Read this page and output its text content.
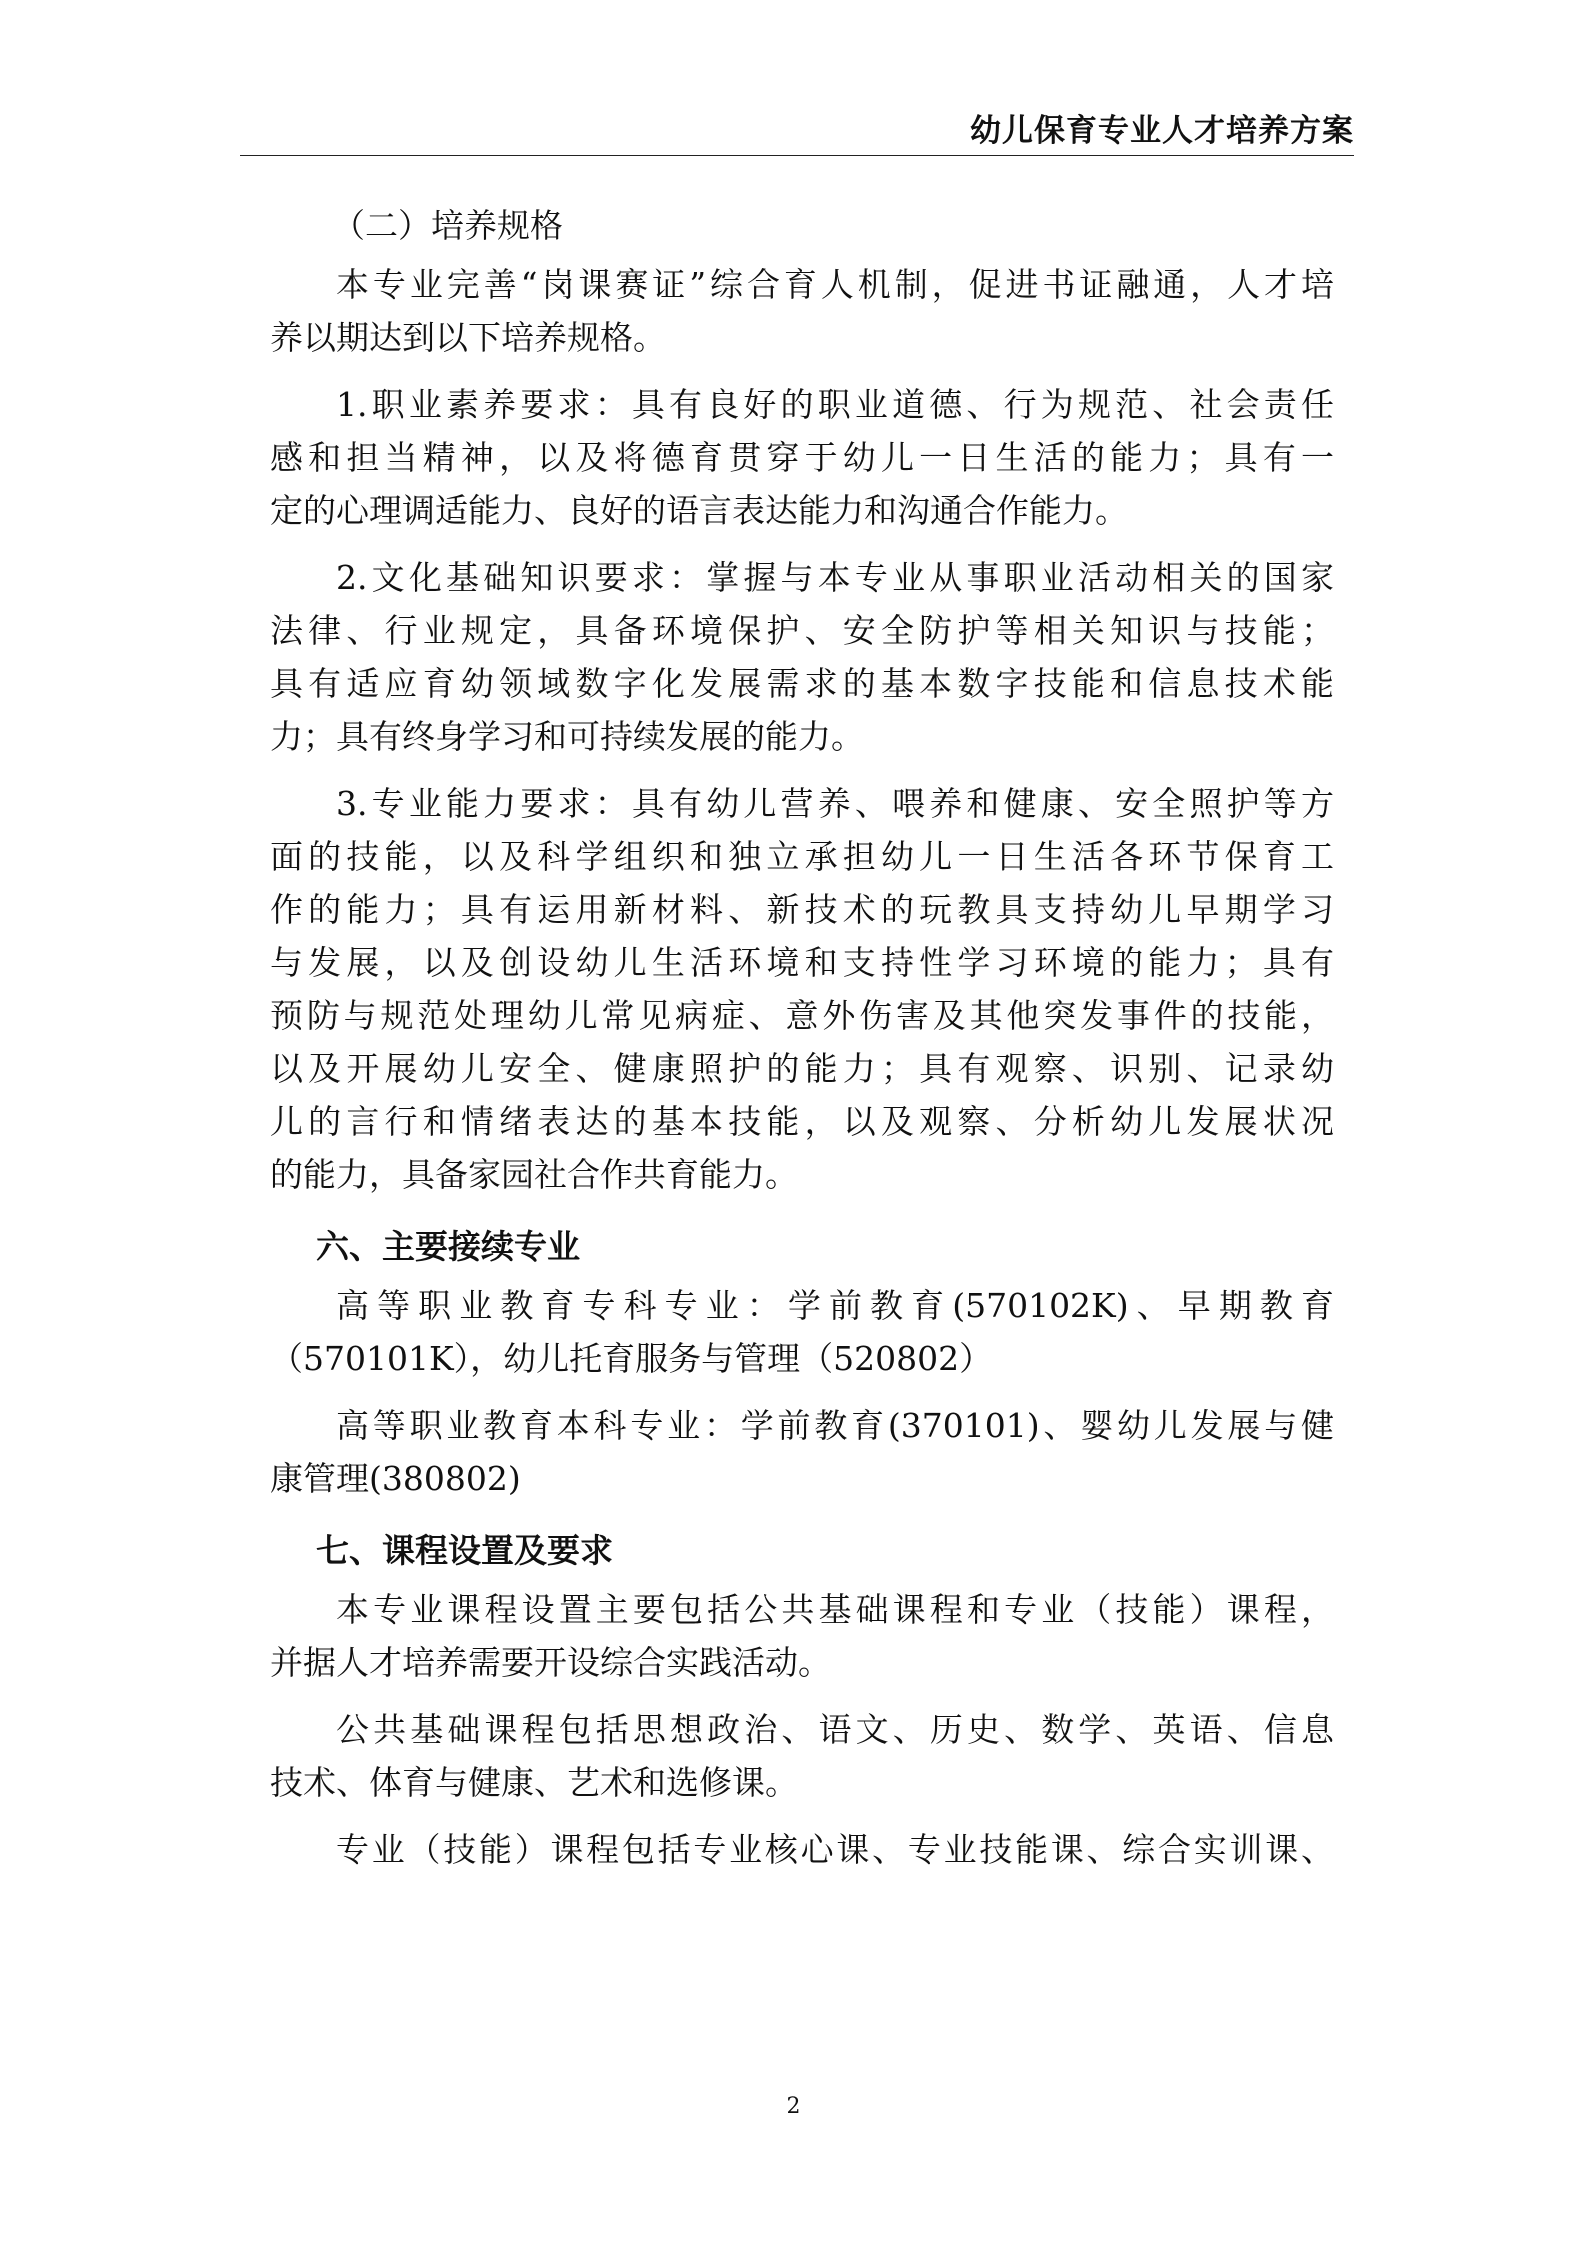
幼儿保育专业人才培养方案
（二）培养规格
本专业完善“岗课赛证”综合育人机制，促进书证融通，人才培
养以期达到以下培养规格。
1.职业素养要求：具有良好的职业道德、行为规范、社会责任
感和担当精神，以及将德育贯穿于幼儿一日生活的能力；具有一
定的心理调适能力、良好的语言表达能力和沟通合作能力。
2.文化基础知识要求：掌握与本专业从事职业活动相关的国家
法律、行业规定，具备环境保护、安全防护等相关知识与技能；
具有适应育幼领域数字化发展需求的基本数字技能和信息技术能
力；具有终身学习和可持续发展的能力。
3.专业能力要求：具有幼儿营养、喂养和健康、安全照护等方
面的技能，以及科学组织和独立承担幼儿一日生活各环节保育工
作的能力；具有运用新材料、新技术的玩教具支持幼儿早期学习
与发展，以及创设幼儿生活环境和支持性学习环境的能力；具有
预防与规范处理幼儿常见病症、意外伤害及其他突发事件的技能，
以及开展幼儿安全、健康照护的能力；具有观察、识别、记录幼
儿的言行和情绪表达的基本技能，以及观察、分析幼儿发展状况
的能力，具备家园社合作共育能力。
六、主要接续专业
高等职业教育专科专业：学前教育(570102K)、早期教育
（570101K），幼儿托育服务与管理（520802）
高等职业教育本科专业：学前教育(370101)、婴幼儿发展与健
康管理(380802)
七、课程设置及要求
本专业课程设置主要包括公共基础课程和专业（技能）课程，
并据人才培养需要开设综合实践活动。
公共基础课程包括思想政治、语文、历史、数学、英语、信息
技术、体育与健康、艺术和选修课。
专业（技能）课程包括专业核心课、专业技能课、综合实训课、
2
